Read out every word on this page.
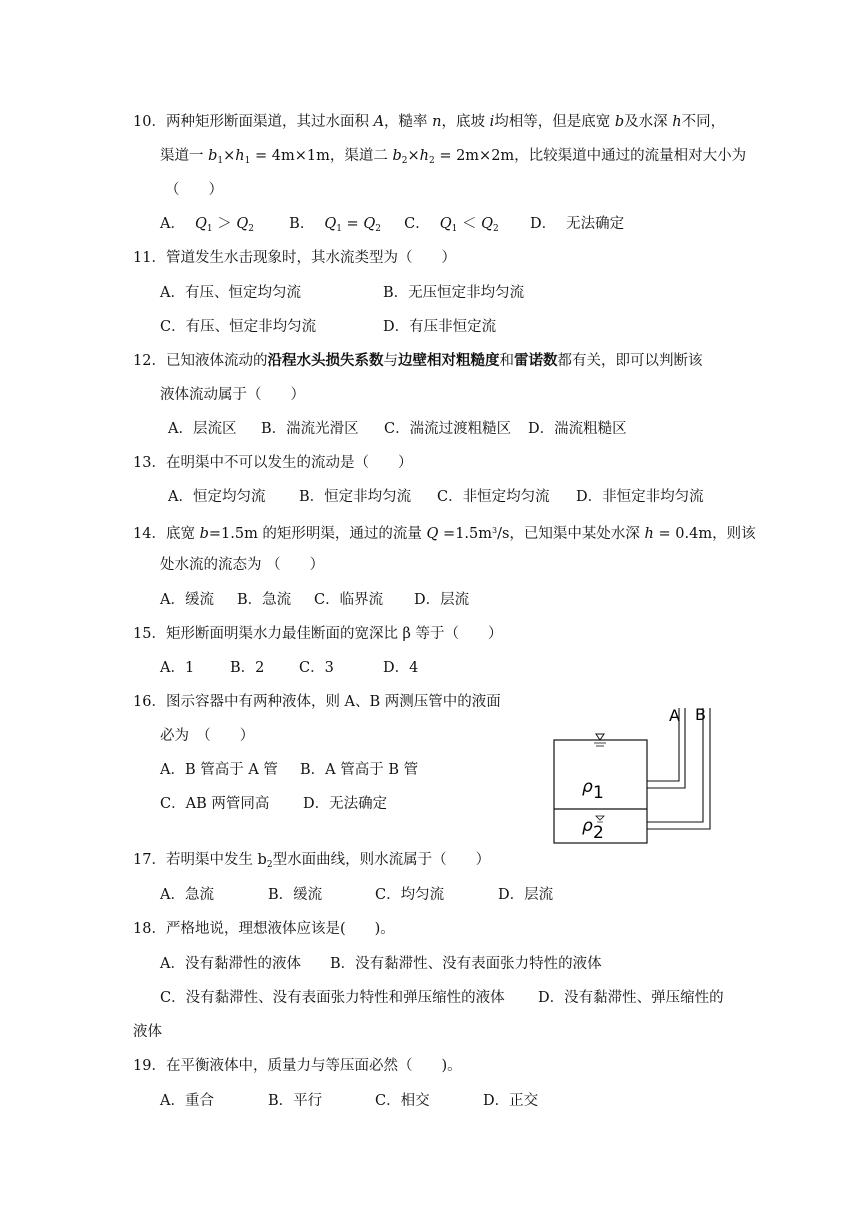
10．两种矩形断面渠道，其过水面积 A，糙率 n，底坡 i均相等，但是底宽 b及水深 h不同，
渠道一 $b_1\times h_1 = 4m\times 1m$，渠道二 $b_2\times h_2 = 2m\times 2m$，比较渠道中通过的流量相对大小为
（　　）
A． $Q_1 > Q_2$ B． $Q_1 = Q_2$ C． $Q_1 < Q_2$ D． 无法确定
11．管道发生水击现象时，其水流类型为（　　）
A．有压、恒定均匀流	B．无压恒定非均匀流
C．有压、恒定非均匀流	D．有压非恒定流
12．已知液体流动的沿程水头损失系数与边壁相对粗糙度和雷诺数都有关，即可以判断该
液体流动属于（　　）
A．层流区 B．湍流光滑区 C．湍流过渡粗糙区 D．湍流粗糙区
13．在明渠中不可以发生的流动是（　　）
A．恒定均匀流 B．恒定非均匀流 C．非恒定均匀流 D．非恒定非均匀流
14．底宽 b=1.5m 的矩形明渠，通过的流量 $Q =1.5m^3/s$，已知渠中某处水深 h = 0.4m，则该
处水流的流态为 （　　）
A．缓流 B．急流 C．临界流 D．层流
15．矩形断面明渠水力最佳断面的宽深比 β 等于（　　）
A．1 B．2 C．3	D．4
16．图示容器中有两种液体，则 A、B 两测压管中的液面
必为　（　　）
A．B 管高于 A 管 B．A 管高于 B 管
C．AB 两管同高 D．无法确定
A B
ρ 1
ρ 2
17．若明渠中发生 $b_2$型水面曲线，则水流属于（　　）
A．急流	B．缓流	C．均匀流	D．层流
18．严格地说，理想液体应该是(　　)。
A．没有黏滞性的液体 B．没有黏滞性、没有表面张力特性的液体
C．没有黏滞性、没有表面张力特性和弹压缩性的液体 D．没有黏滞性、弹压缩性的
液体
19．在平衡液体中，质量力与等压面必然（　　)。
A．重合	B．平行	C．相交	D．正交
